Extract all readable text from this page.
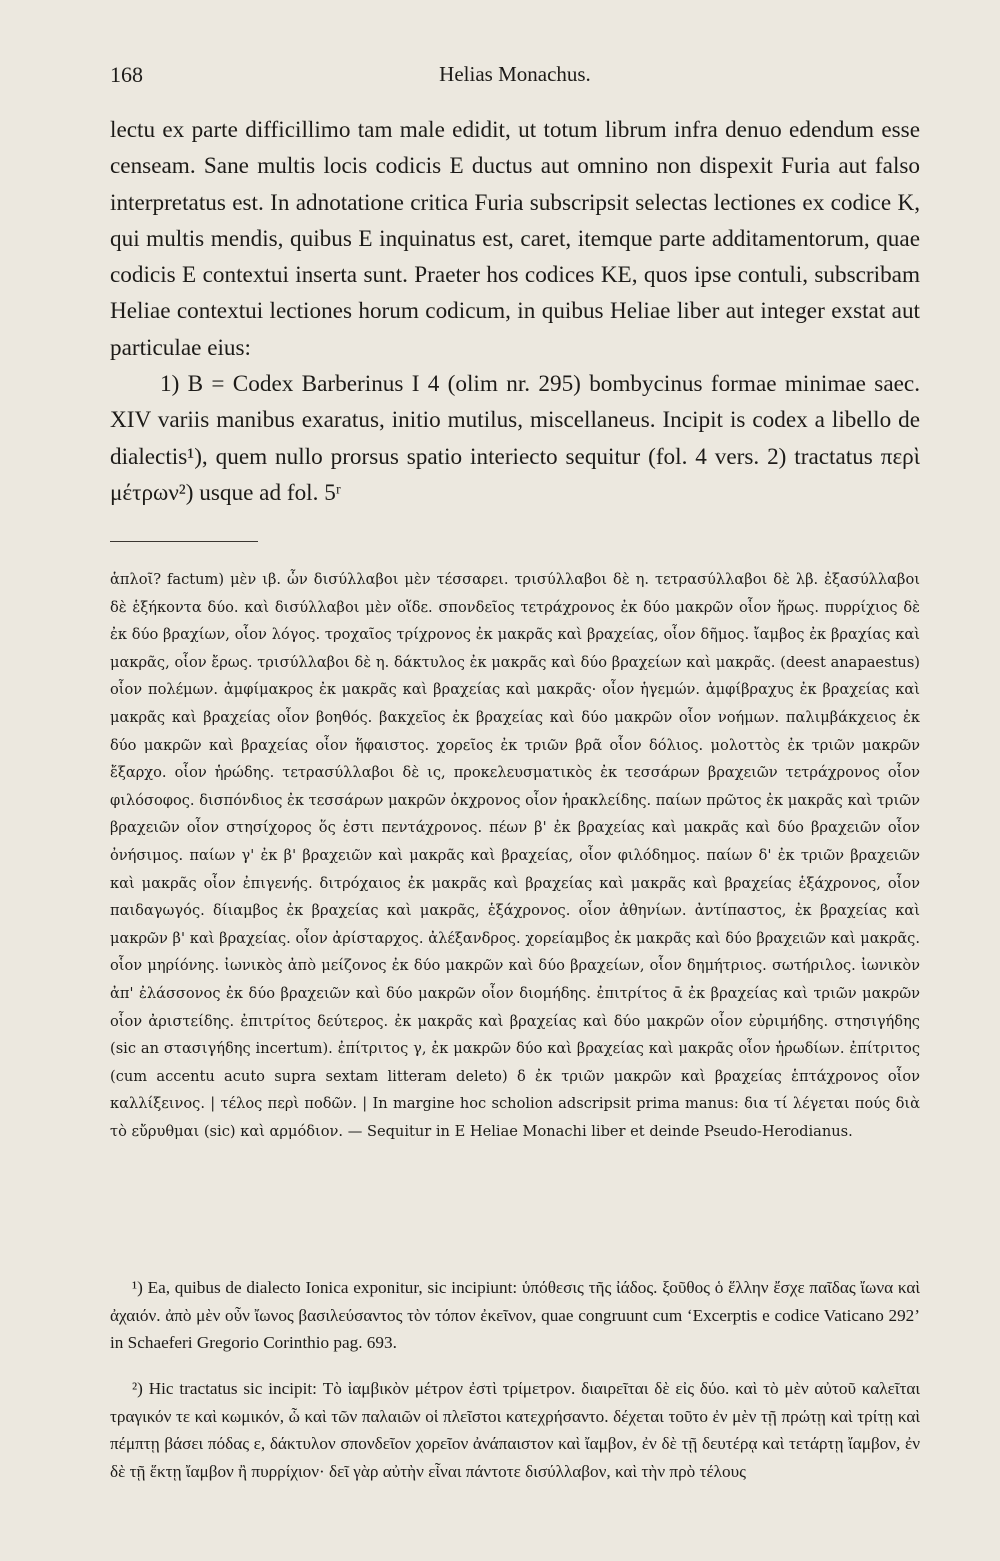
168	Helias Monachus.

lectu ex parte difficillimo tam male edidit, ut totum librum infra denuo edendum esse censeam. Sane multis locis codicis E ductus aut omnino non dispexit Furia aut falso interpretatus est. In adnotatione critica Furia subscripsit selectas lectiones ex codice K, qui multis mendis, quibus E inquinatus est, caret, itemque parte additamentorum, quae codicis E contextui inserta sunt. Praeter hos codices KE, quos ipse contuli, subscribam Heliae contextui lectiones horum codicum, in quibus Heliae liber aut integer exstat aut particulae eius:

1) B = Codex Barberinus I 4 (olim nr. 295) bombycinus formae minimae saec. XIV variis manibus exaratus, initio mutilus, miscellaneus. Incipit is codex a libello de dialectis¹), quem nullo prorsus spatio interiecto sequitur (fol. 4 vers. 2) tractatus περὶ μέτρων²) usque ad fol. 5ʳ

ἁπλοῖ? factum) μὲν ιβ. ὧν δισύλλαβοι μὲν τέσσαρει. τρισύλλαβοι δὲ η. τετρασύλλαβοι δὲ λβ. ἐξασύλλαβοι δὲ ἑξήκοντα δύο. καὶ δισύλλαβοι μὲν οἵδε. σπονδεῖος τετράχρονος ἐκ δύο μακρῶν οἷον ἥρως. πυρρίχιος δὲ ἐκ δύο βραχίων, οἷον λόγος. τροχαῖος τρίχρονος ἐκ μακρᾶς καὶ βραχείας, οἷον δῆμος. ἴαμβος ἐκ βραχίας καὶ μακρᾶς, οἷον ἔρως. τρισύλλαβοι δὲ η. δάκτυλος ἐκ μακρᾶς καὶ δύο βραχείων καὶ μακρᾶς. (deest anapaestus) οἷον πολέμων. ἀμφίμακρος ἐκ μακρᾶς καὶ βραχείας καὶ μακρᾶς· οἷον ἡγεμών. ἀμφίβραχυς ἐκ βραχείας καὶ μακρᾶς καὶ βραχείας οἷον βοηθός. βακχεῖος ἐκ βραχείας καὶ δύο μακρῶν οἷον νοήμων. παλιμβάκχειος ἐκ δύο μακρῶν καὶ βραχείας οἷον ἥφαιστος. χορεῖος ἐκ τριῶν βρᾶ οἷον δόλιος. μολοττὸς ἐκ τριῶν μακρῶν ἔξαρχο. οἷον ἡρώδης. τετρασύλλαβοι δὲ ις, προκελευσματικὸς ἐκ τεσσάρων βραχειῶν τετράχρονος οἷον φιλόσοφος. δισπόνδιος ἐκ τεσσάρων μακρῶν ὀκχρονος οἷον ἡρακλείδης. παίων πρῶτος ἐκ μακρᾶς καὶ τριῶν βραχειῶν οἷον στησίχορος ὅς ἐστι πεντάχρονος. πέων β' ἐκ βραχείας καὶ μακρᾶς καὶ δύο βραχειῶν οἷον ὀνήσιμος. παίων γ' ἐκ β' βραχειῶν καὶ μακρᾶς καὶ βραχείας, οἷον φιλόδημος. παίων δ' ἐκ τριῶν βραχειῶν καὶ μακρᾶς οἷον ἐπιγενής. διτρόχαιος ἐκ μακρᾶς καὶ βραχείας καὶ μακρᾶς καὶ βραχείας ἑξάχρονος, οἷον παιδαγωγός. δίιαμβος ἐκ βραχείας καὶ μακρᾶς, ἑξάχρονος. οἷον ἀθηνίων. ἀντίπαστος, ἐκ βραχείας καὶ μακρῶν β' καὶ βραχείας. οἷον ἀρίσταρχος. ἀλέξανδρος. χορείαμβος ἐκ μακρᾶς καὶ δύο βραχειῶν καὶ μακρᾶς. οἷον μηρίόνης. ἰωνικὸς ἀπὸ μείζονος ἐκ δύο μακρῶν καὶ δύο βραχείων, οἷον δημήτριος. σωτήριλος. ἰωνικὸν ἀπ' ἐλάσσονος ἐκ δύο βραχειῶν καὶ δύο μακρῶν οἷον διομήδης. ἐπιτρίτος ᾱ ἐκ βραχείας καὶ τριῶν μακρῶν οἷον ἀριστείδης. ἐπιτρίτος δεύτερος. ἐκ μακρᾶς καὶ βραχείας καὶ δύο μακρῶν οἷον εὐριμήδης. στησιγήδης (sic an στασιγήδης incertum). ἐπίτριτος γ, ἐκ μακρῶν δύο καὶ βραχείας καὶ μακρᾶς οἷον ἡρωδίων. ἐπίτριτος (cum accentu acuto supra sextam litteram deleto) δ ἐκ τριῶν μακρῶν καὶ βραχείας ἑπτάχρονος οἷον καλλίξεινος. | τέλος περὶ ποδῶν. | In margine hoc scholion adscripsit prima manus: δια τί λέγεται πούς διὰ τὸ εὔρυθμαι (sic) καὶ αρμόδιον. — Sequitur in E Heliae Monachi liber et deinde Pseudo-Herodianus.

¹) Ea, quibus de dialecto Ionica exponitur, sic incipiunt: ὑπόθεσις τῆς ἰάδος. ξοῦθος ὁ ἕλλην ἔσχε παῖδας ἴωνα καὶ ἀχαιόν. ἀπὸ μὲν οὖν ἴωνος βασιλεύσαντος τὸν τόπον ἐκεῖνον, quae congruunt cum ‘Excerptis e codice Vaticano 292’ in Schaeferi Gregorio Corinthio pag. 693.

²) Hic tractatus sic incipit: Τὸ ἰαμβικὸν μέτρον ἐστὶ τρίμετρον. διαιρεῖται δὲ εἰς δύο. καὶ τὸ μὲν αὐτοῦ καλεῖται τραγικόν τε καὶ κωμικόν, ὧ καὶ τῶν παλαιῶν οἱ πλεῖστοι κατεχρήσαντο. δέχεται τοῦτο ἐν μὲν τῇ πρώτῃ καὶ τρίτῃ καὶ πέμπτῃ βάσει πόδας ε, δάκτυλον σπονδεῖον χορεῖον ἀνάπαιστον καὶ ἴαμβον, ἐν δὲ τῇ δευτέρᾳ καὶ τετάρτῃ ἴαμβον, ἐν δὲ τῇ ἕκτῃ ἴαμβον ἢ πυρρίχιον· δεῖ γὰρ αὐτὴν εἶναι πάντοτε δισύλλαβον, καὶ τὴν πρὸ τέλους
